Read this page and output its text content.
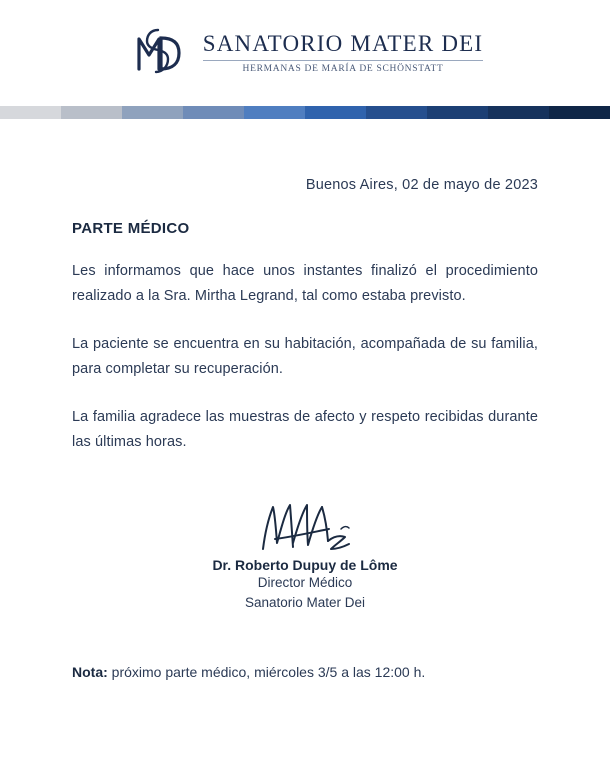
SANATORIO MATER DEI
HERMANAS DE MARÍA DE SCHÖNSTATT
Buenos Aires, 02 de mayo de 2023
PARTE MÉDICO

Les informamos que hace unos instantes finalizó el procedimiento realizado a la Sra. Mirtha Legrand, tal como estaba previsto.

La paciente se encuentra en su habitación, acompañada de su familia, para completar su recuperación.

La familia agradece las muestras de afecto y respeto recibidas durante las últimas horas.

Dr. Roberto Dupuy de Lôme
Director Médico
Sanatorio Mater Dei
Nota: próximo parte médico, miércoles 3/5 a las 12:00 h.
